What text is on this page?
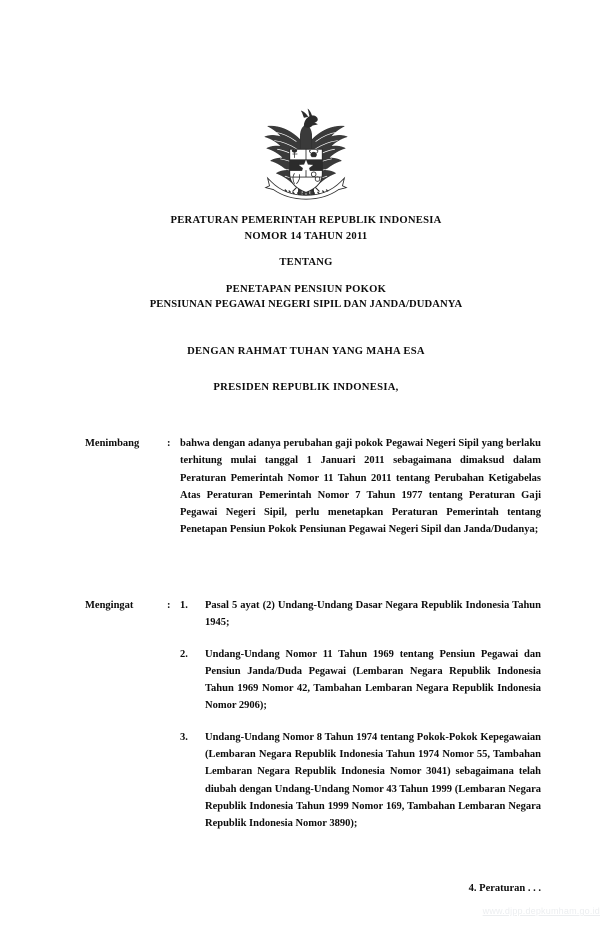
PERATURAN PEMERINTAH REPUBLIK INDONESIA
NOMOR 14 TAHUN 2011
TENTANG
PENETAPAN PENSIUN POKOK
PENSIUNAN PEGAWAI NEGERI SIPIL DAN JANDA/DUDANYA
DENGAN RAHMAT TUHAN YANG MAHA ESA
PRESIDEN REPUBLIK INDONESIA,
Menimbang	: bahwa dengan adanya perubahan gaji pokok Pegawai Negeri Sipil yang berlaku terhitung mulai tanggal 1 Januari 2011 sebagaimana dimaksud dalam Peraturan Pemerintah Nomor 11 Tahun 2011 tentang Perubahan Ketigabelas Atas Peraturan Pemerintah Nomor 7 Tahun 1977 tentang Peraturan Gaji Pegawai Negeri Sipil, perlu menetapkan Peraturan Pemerintah tentang Penetapan Pensiun Pokok Pensiunan Pegawai Negeri Sipil dan Janda/Dudanya;

Mengingat	: 1.	Pasal 5 ayat (2) Undang-Undang Dasar Negara Republik Indonesia Tahun 1945;
2.	Undang-Undang Nomor 11 Tahun 1969 tentang Pensiun Pegawai dan Pensiun Janda/Duda Pegawai (Lembaran Negara Republik Indonesia Tahun 1969 Nomor 42, Tambahan Lembaran Negara Republik Indonesia Nomor 2906);
3.	Undang-Undang Nomor 8 Tahun 1974 tentang Pokok-Pokok Kepegawaian (Lembaran Negara Republik Indonesia Tahun 1974 Nomor 55, Tambahan Lembaran Negara Republik Indonesia Nomor 3041) sebagaimana telah diubah dengan Undang-Undang Nomor 43 Tahun 1999 (Lembaran Negara Republik Indonesia Tahun 1999 Nomor 169, Tambahan Lembaran Negara Republik Indonesia Nomor 3890);
4. Peraturan . . .
www.djpp.depkumham.go.id
